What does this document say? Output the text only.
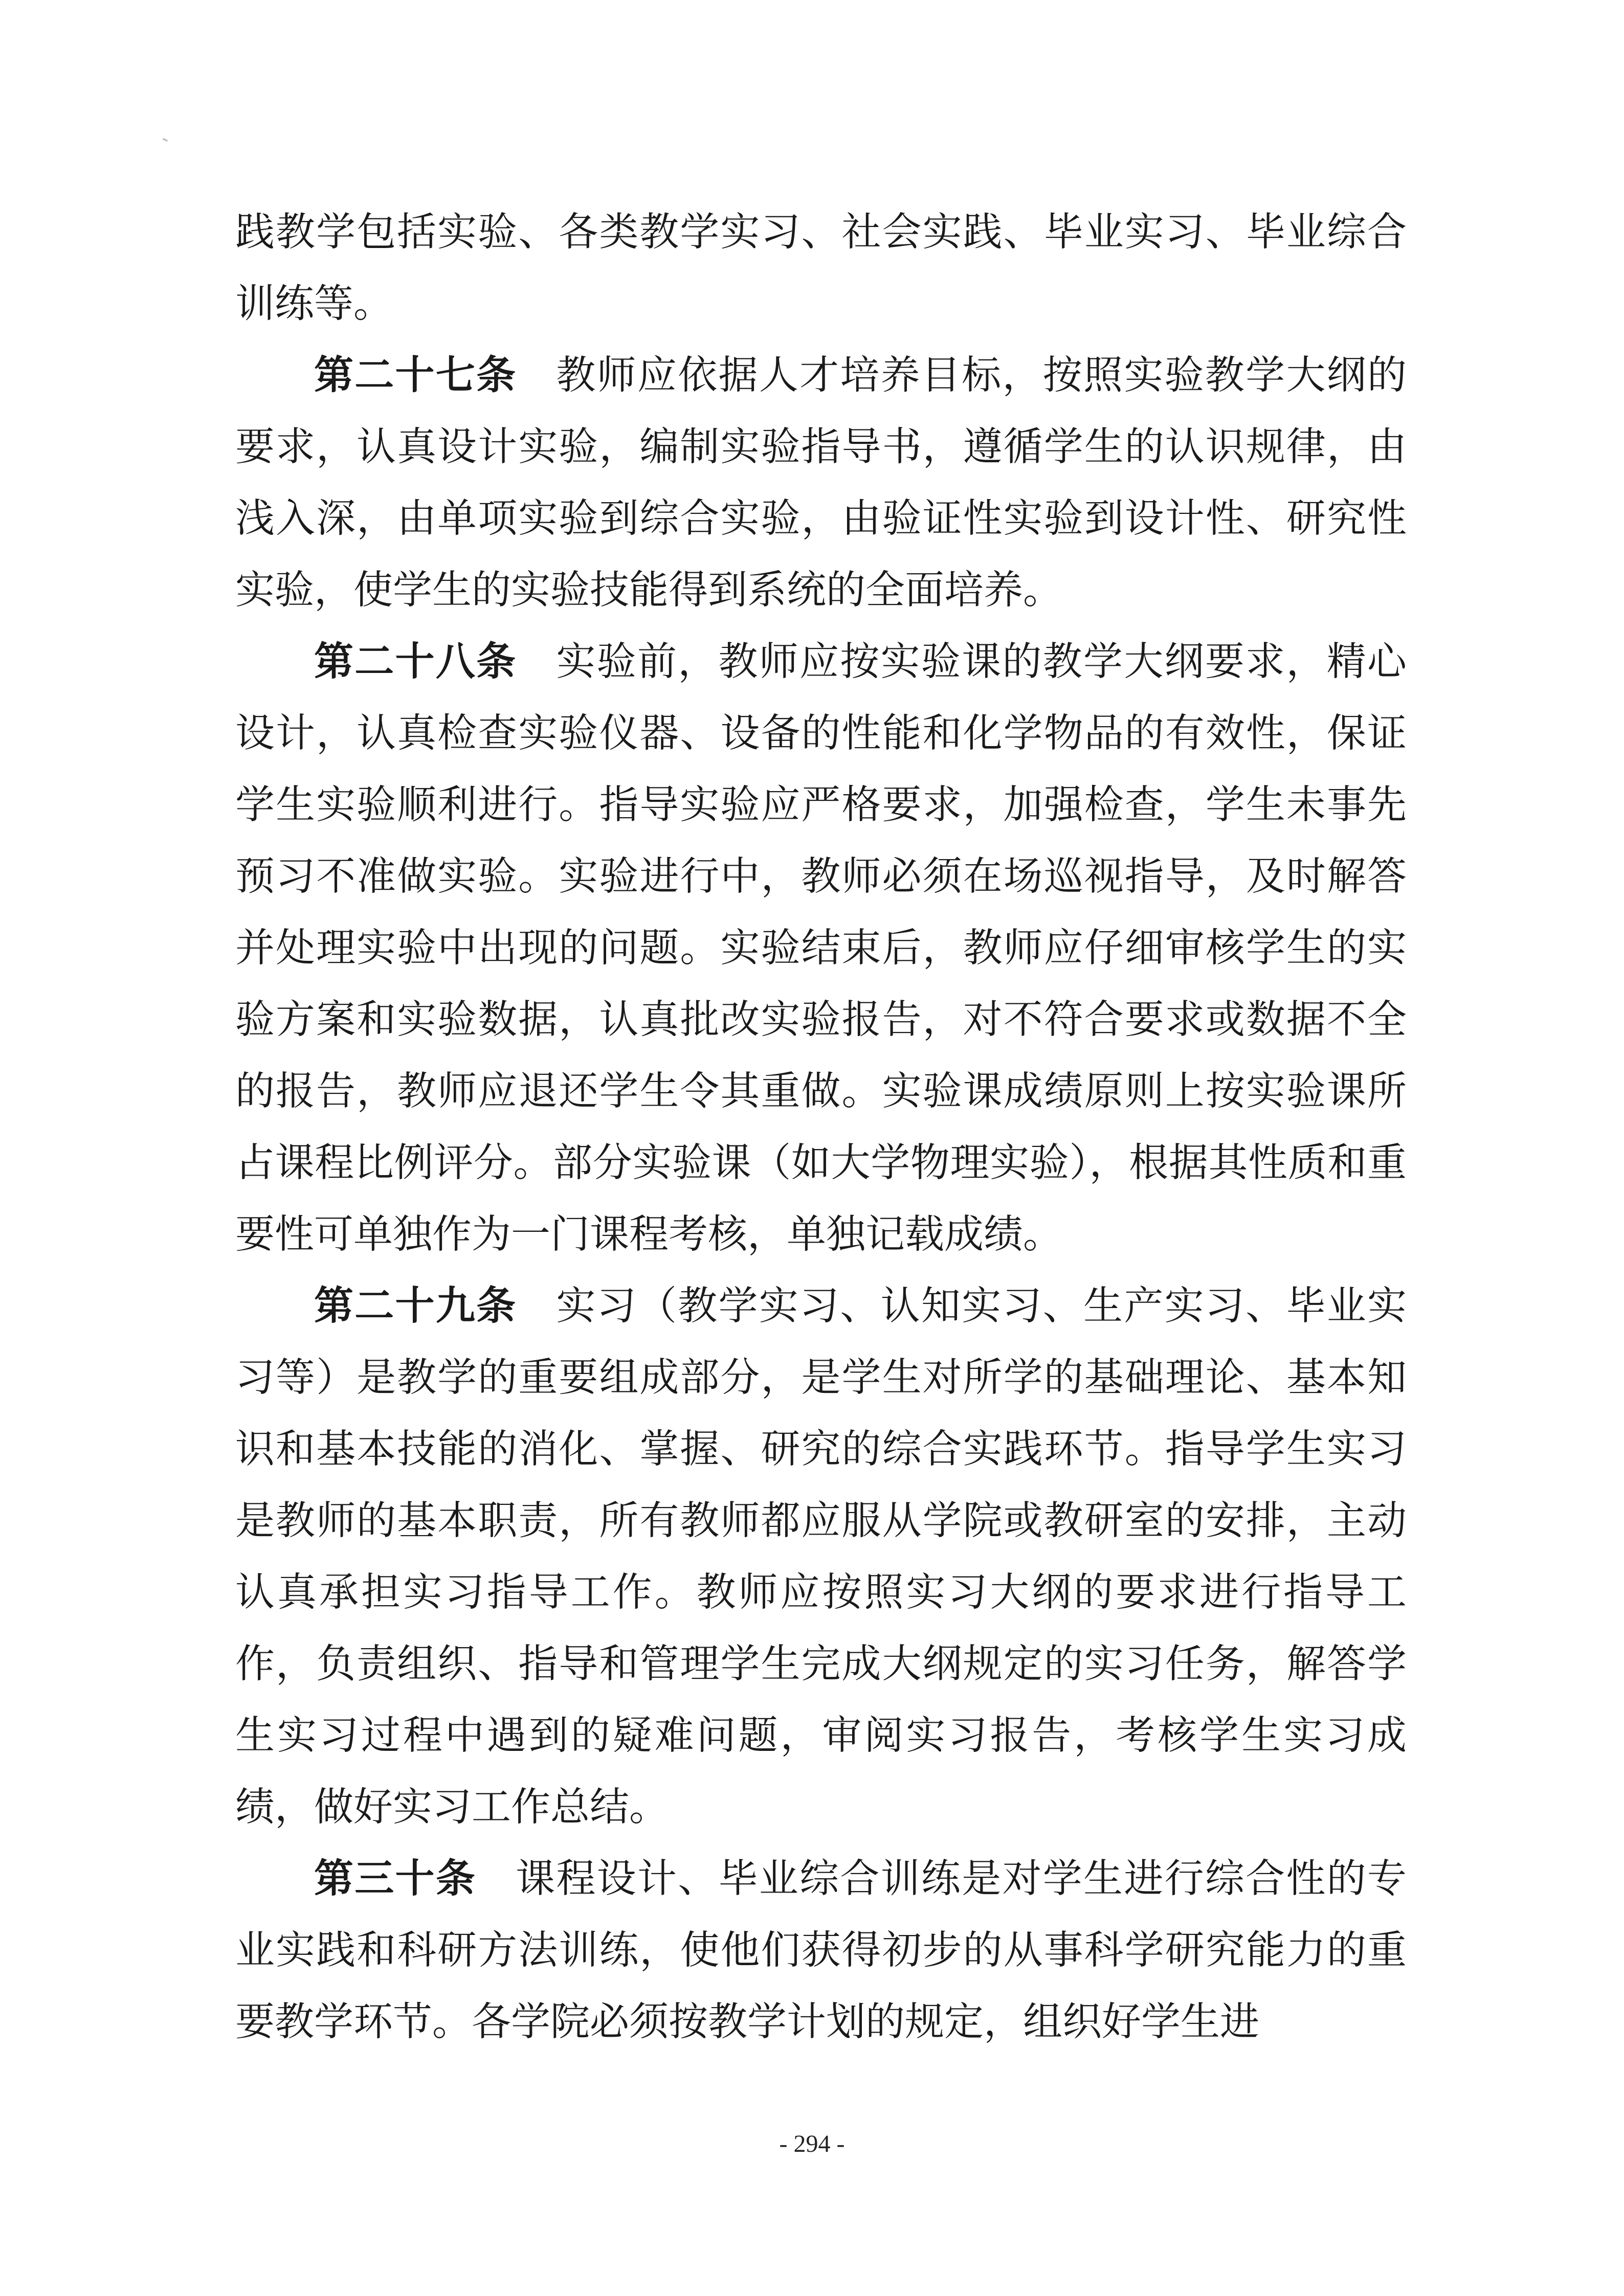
践教学包括实验、各类教学实习、社会实践、毕业实习、毕业综合训练等。

第二十七条 教师应依据人才培养目标，按照实验教学大纲的要求，认真设计实验，编制实验指导书，遵循学生的认识规律，由浅入深，由单项实验到综合实验，由验证性实验到设计性、研究性实验，使学生的实验技能得到系统的全面培养。

第二十八条 实验前，教师应按实验课的教学大纲要求，精心设计，认真检查实验仪器、设备的性能和化学物品的有效性，保证学生实验顺利进行。指导实验应严格要求，加强检查，学生未事先预习不准做实验。实验进行中，教师必须在场巡视指导，及时解答并处理实验中出现的问题。实验结束后，教师应仔细审核学生的实验方案和实验数据，认真批改实验报告，对不符合要求或数据不全的报告，教师应退还学生令其重做。实验课成绩原则上按实验课所占课程比例评分。部分实验课（如大学物理实验），根据其性质和重要性可单独作为一门课程考核，单独记载成绩。

第二十九条 实习（教学实习、认知实习、生产实习、毕业实习等）是教学的重要组成部分，是学生对所学的基础理论、基本知识和基本技能的消化、掌握、研究的综合实践环节。指导学生实习是教师的基本职责，所有教师都应服从学院或教研室的安排，主动认真承担实习指导工作。教师应按照实习大纲的要求进行指导工作，负责组织、指导和管理学生完成大纲规定的实习任务，解答学生实习过程中遇到的疑难问题，审阅实习报告，考核学生实习成绩，做好实习工作总结。

第三十条 课程设计、毕业综合训练是对学生进行综合性的专业实践和科研方法训练，使他们获得初步的从事科学研究能力的重要教学环节。各学院必须按教学计划的规定，组织好学生进

- 294 -
